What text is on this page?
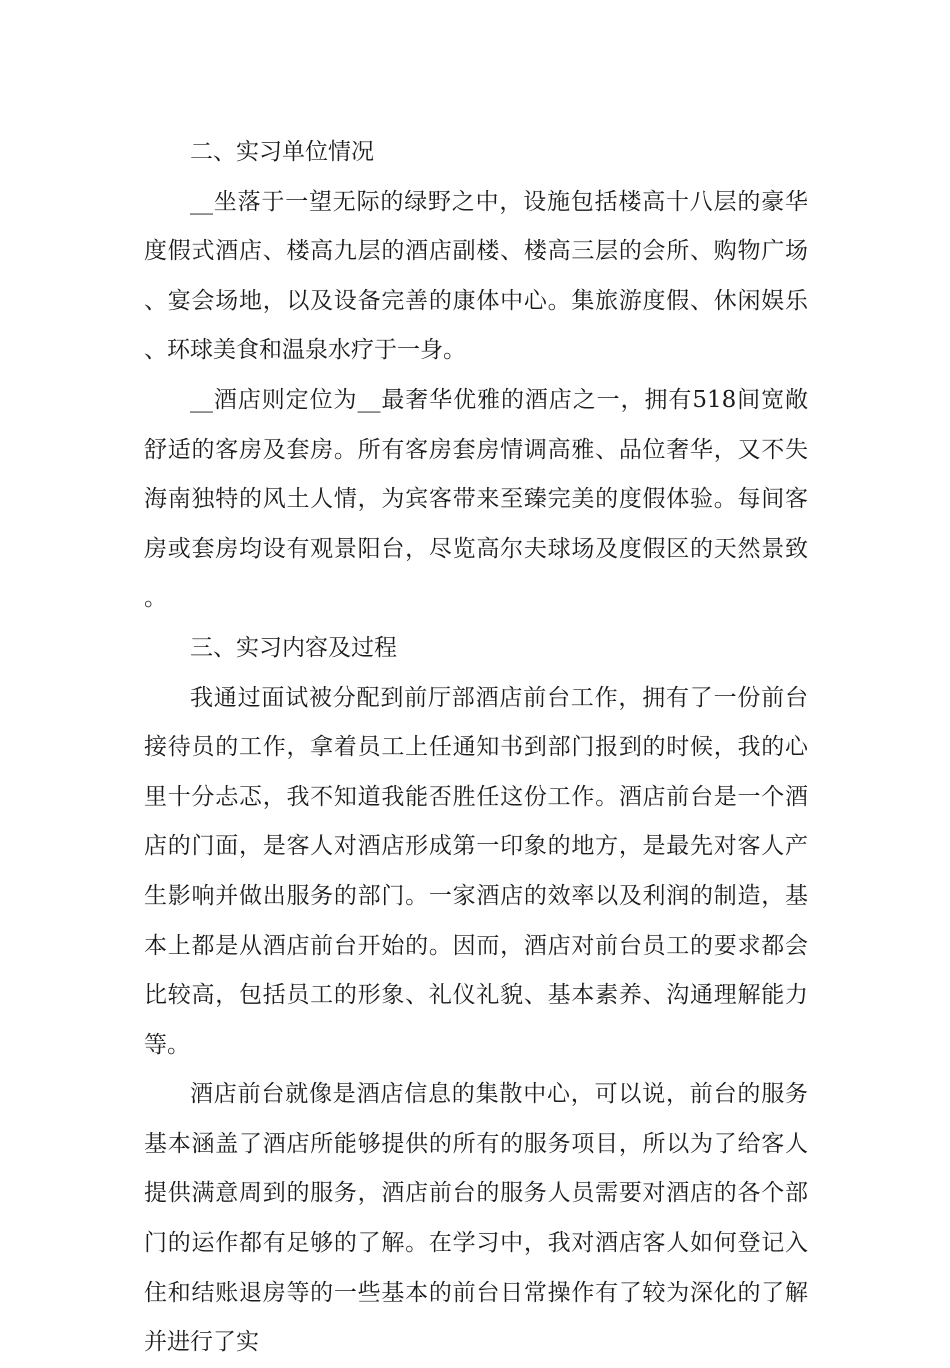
二、实习单位情况

__坐落于一望无际的绿野之中，设施包括楼高十八层的豪华度假式酒店、楼高九层的酒店副楼、楼高三层的会所、购物广场、宴会场地，以及设备完善的康体中心。集旅游度假、休闲娱乐、环球美食和温泉水疗于一身。

__酒店则定位为__最奢华优雅的酒店之一，拥有518间宽敞舒适的客房及套房。所有客房套房情调高雅、品位奢华，又不失海南独特的风土人情，为宾客带来至臻完美的度假体验。每间客房或套房均设有观景阳台，尽览高尔夫球场及度假区的天然景致。

三、实习内容及过程

我通过面试被分配到前厅部酒店前台工作，拥有了一份前台接待员的工作，拿着员工上任通知书到部门报到的时候，我的心里十分忐忑，我不知道我能否胜任这份工作。酒店前台是一个酒店的门面，是客人对酒店形成第一印象的地方，是最先对客人产生影响并做出服务的部门。一家酒店的效率以及利润的制造，基本上都是从酒店前台开始的。因而，酒店对前台员工的要求都会比较高，包括员工的形象、礼仪礼貌、基本素养、沟通理解能力等。

酒店前台就像是酒店信息的集散中心，可以说，前台的服务基本涵盖了酒店所能够提供的所有的服务项目，所以为了给客人提供满意周到的服务，酒店前台的服务人员需要对酒店的各个部门的运作都有足够的了解。在学习中，我对酒店客人如何登记入住和结账退房等的一些基本的前台日常操作有了较为深化的了解并进行了实
